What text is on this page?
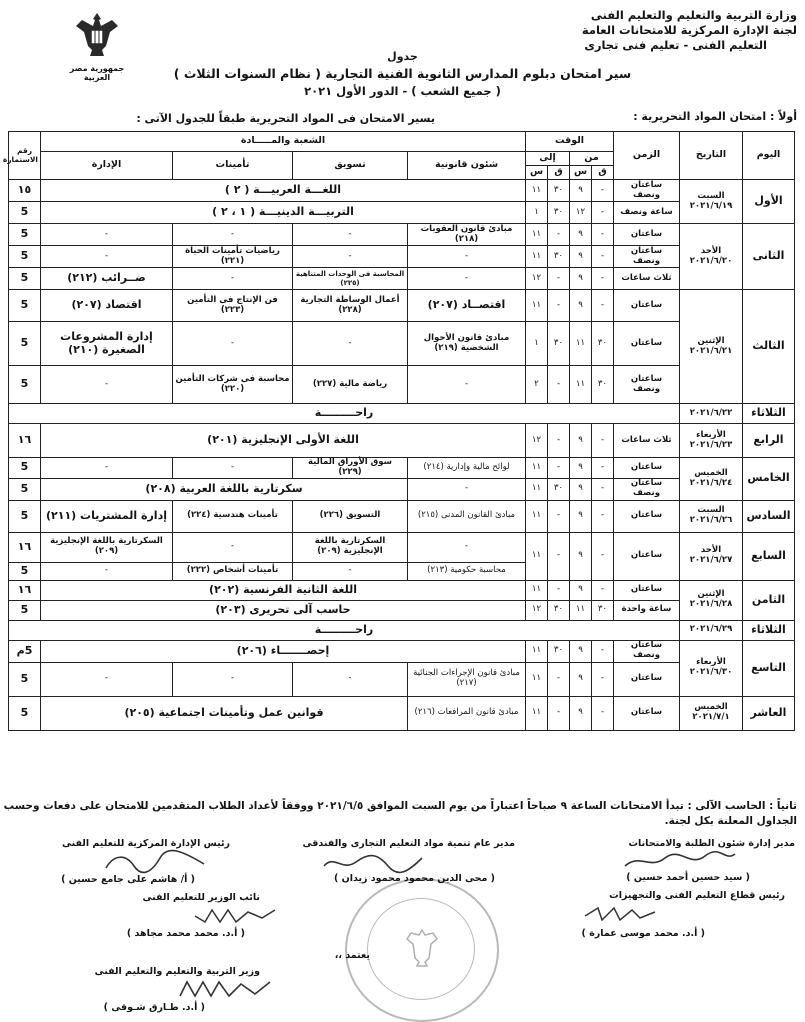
وزارة التربية والتعليم والتعليم الفنى
لجنة الإدارة المركزية للامتحانات العامة
التعليم الفنى - تعليم فنى تجارى
جمهورية مصر العربية
جدول
سير امتحان دبلوم المدارس الثانوية الفنية التجارية ( نظام السنوات الثلاث )
( جميع الشعب ) - الدور الأول ٢٠٢١
أولاً : امتحان المواد التحريرية :
يسير الامتحان فى المواد التحريرية طبقاً للجدول الآتى :
اليوم	التاريخ	الزمن	الوقت				الشعبة والمـــــادة				رقم الاستمارة
			من		إلى		شئون قانونية	تسويق	تأمينات	الإدارة	
			ق	س	ق	س					
الأول	السبت ٢٠٢١/٦/١٩	ساعتان ونصف	-	٩	٣٠	١١	اللغـــة العربيـــة ( ٢ )				١٥
		ساعة ونصف	-	١٢	٣٠	١	التربيـــة الدينيـــة ( ١ ، ٢ )				5
الثانى	الأحد ٢٠٢١/٦/٢٠	ساعتان	-	٩	-	١١	مبادئ قانون العقوبات (٢١٨)	-	-	-	5
		ساعتان ونصف	-	٩	٣٠	١١	-	-	رياضيات تأمينات الحياة (٢٢١)	-	5
		ثلاث ساعات	-	٩	-	١٢	-	المحاسبة فى الوحدات المتناهية (٢٢٥)	-	ضــرائب (٢١٢)	5
الثالث	الإثنين ٢٠٢١/٦/٢١	ساعتان	-	٩	-	١١	اقتصــاد (٢٠٧)	أعمال الوساطة التجارية (٢٢٨)	فن الإنتاج فى التأمين (٢٢٣)	اقتصاد (٢٠٧)	5
		ساعتان	٣٠	١١	٣٠	١	مبادئ قانون الأحوال الشخصية (٢١٩)	-	-	إدارة المشروعات الصغيرة (٢١٠)	5
		ساعتان ونصف	٣٠	١١	-	٢	-	رياضة مالية (٢٢٧)	محاسبة فى شركات التأمين (٢٢٠)	-	5
الثلاثاء	٢٠٢١/٦/٢٢	راحـــــــــة									
الرابع	الأربعاء ٢٠٢١/٦/٢٣	ثلاث ساعات	-	٩	-	١٢	اللغة الأولى الإنجليزية (٢٠١)				١٦
الخامس	الخميس ٢٠٢١/٦/٢٤	ساعتان	-	٩	-	١١	لوائح مالية وإدارية (٢١٤)	سوق الأوراق المالية (٢٢٩)	-	-	5
		ساعتان ونصف	-	٩	٣٠	١١	-	سكرتارية باللغة العربية (٢٠٨)			5
السادس	السبت ٢٠٢١/٦/٢٦	ساعتان	-	٩	-	١١	مبادئ القانون المدنى (٢١٥)	التسويق (٢٢٦)	تأمينات هندسية (٢٢٤)	إدارة المشتريات (٢١١)	5
السابع	الأحد ٢٠٢١/٦/٢٧	ساعتان	-	٩	-	١١	-	السكرتارية باللغة الإنجليزية (٢٠٩)	-	السكرتارية باللغة الإنجليزية (٢٠٩)	١٦
							محاسبة حكومية (٢١٣)	-	تأمينات أشخاص (٢٢٢)	-	5
الثامن	الإثنين ٢٠٢١/٦/٢٨	ساعتان	-	٩	-	١١	اللغة الثانية الفرنسية (٢٠٢)				١٦
		ساعة واحدة	٣٠	١١	٣٠	١٢	حاسب آلى تحريرى (٢٠٣)				5
الثلاثاء	٢٠٢١/٦/٢٩	راحـــــــــة									
التاسع	الأربعاء ٢٠٢١/٦/٣٠	ساعتان ونصف	-	٩	٣٠	١١	إحصـــــــاء (٢٠٦)				5م
		ساعتان	-	٩	-	١١	مبادئ قانون الإجراءات الجنائية (٢١٧)	-	-	-	5
العاشر	الخميس ٢٠٢١/٧/١	ساعتان	-	٩	-	١١	مبادئ قانون المرافعات (٢١٦)	قوانين عمل وتأمينات اجتماعية (٢٠٥)			5
ثانياً : الحاسب الآلى : تبدأ الامتحانات الساعة ٩ صباحاً اعتباراً من يوم السبت الموافق ٢٠٢١/٦/٥ ووفقاً لأعداد الطلاب المتقدمين للامتحان على دفعات وحسب
الجداول المعلنة بكل لجنة.
مدير إدارة شئون الطلبة والامتحانات
( سيد حسين أحمد حسين )
مدير عام تنمية مواد التعليم التجارى والفندقى
( محى الدين محمود محمود زيدان )
رئيس الإدارة المركزية للتعليم الفنى
( أ/ هاشم على جامع حسين )
رئيس قطاع التعليم الفنى والتجهيزات
( أ.د. محمد موسى عمارة )
نائب الوزير للتعليم الفنى
( أ.د. محمد محمد مجاهد )
يعتمد ،،
وزير التربية والتعليم والتعليم الفنى
( أ.د. طـارق شـوقى )
